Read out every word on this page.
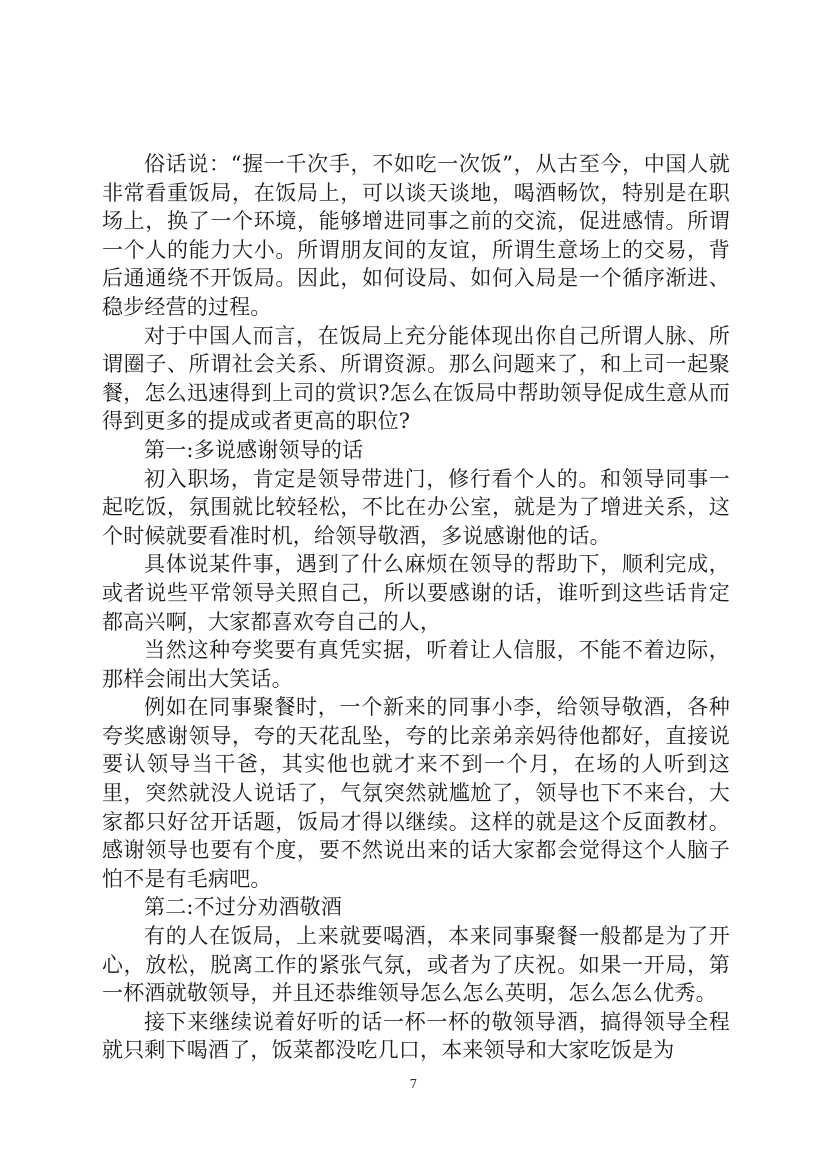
俗话说：“握一千次手，不如吃一次饭”，从古至今，中国人就非常看重饭局，在饭局上，可以谈天谈地，喝酒畅饮，特别是在职场上，换了一个环境，能够增进同事之前的交流，促进感情。所谓一个人的能力大小。所谓朋友间的友谊，所谓生意场上的交易，背后通通绕不开饭局。因此，如何设局、如何入局是一个循序渐进、稳步经营的过程。

对于中国人而言，在饭局上充分能体现出你自己所谓人脉、所谓圈子、所谓社会关系、所谓资源。那么问题来了，和上司一起聚餐，怎么迅速得到上司的赏识?怎么在饭局中帮助领导促成生意从而得到更多的提成或者更高的职位?

第一:多说感谢领导的话

初入职场，肯定是领导带进门，修行看个人的。和领导同事一起吃饭，氛围就比较轻松，不比在办公室，就是为了增进关系，这个时候就要看准时机，给领导敬酒，多说感谢他的话。

具体说某件事，遇到了什么麻烦在领导的帮助下，顺利完成，或者说些平常领导关照自己，所以要感谢的话，谁听到这些话肯定都高兴啊，大家都喜欢夸自己的人，

当然这种夸奖要有真凭实据，听着让人信服，不能不着边际，那样会闹出大笑话。

例如在同事聚餐时，一个新来的同事小李，给领导敬酒，各种夸奖感谢领导，夸的天花乱坠，夸的比亲弟亲妈待他都好，直接说要认领导当干爸，其实他也就才来不到一个月，在场的人听到这里，突然就没人说话了，气氛突然就尴尬了，领导也下不来台，大家都只好岔开话题，饭局才得以继续。这样的就是这个反面教材。感谢领导也要有个度，要不然说出来的话大家都会觉得这个人脑子怕不是有毛病吧。

第二:不过分劝酒敬酒

有的人在饭局，上来就要喝酒，本来同事聚餐一般都是为了开心，放松，脱离工作的紧张气氛，或者为了庆祝。如果一开局，第一杯酒就敬领导，并且还恭维领导怎么怎么英明，怎么怎么优秀。

接下来继续说着好听的话一杯一杯的敬领导酒，搞得领导全程就只剩下喝酒了，饭菜都没吃几口，本来领导和大家吃饭是为

7
